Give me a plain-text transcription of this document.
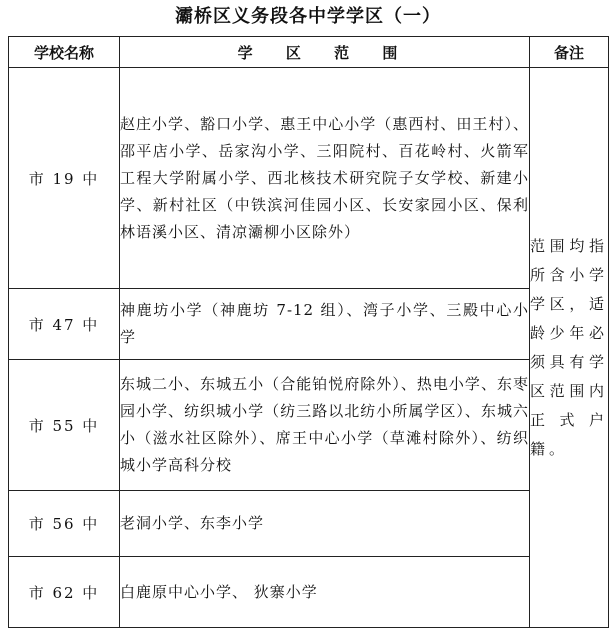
灞桥区义务段各中学学区（一）
学校名称	学 区 范 围	备注
市 19 中	赵庄小学、豁口小学、惠王中心小学（惠西村、田王村）、邵平店小学、岳家沟小学、三阳院村、百花岭村、火箭军工程大学附属小学、西北核技术研究院子女学校、新建小学、新村社区（中铁滨河佳园小区、长安家园小区、保利林语溪小区、清凉灞柳小区除外）	范围均指所含小学学区，适龄少年必须具有学区范围内正式户籍。
市 47 中	神鹿坊小学（神鹿坊 7-12 组）、湾子小学、三殿中心小学	
市 55 中	东城二小、东城五小（合能铂悦府除外）、热电小学、东枣园小学、纺织城小学（纺三路以北纺小所属学区）、东城六小（滋水社区除外）、席王中心小学（草滩村除外）、纺织城小学高科分校	
市 56 中	老洞小学、东李小学	
市 62 中	白鹿原中心小学、 狄寨小学	
